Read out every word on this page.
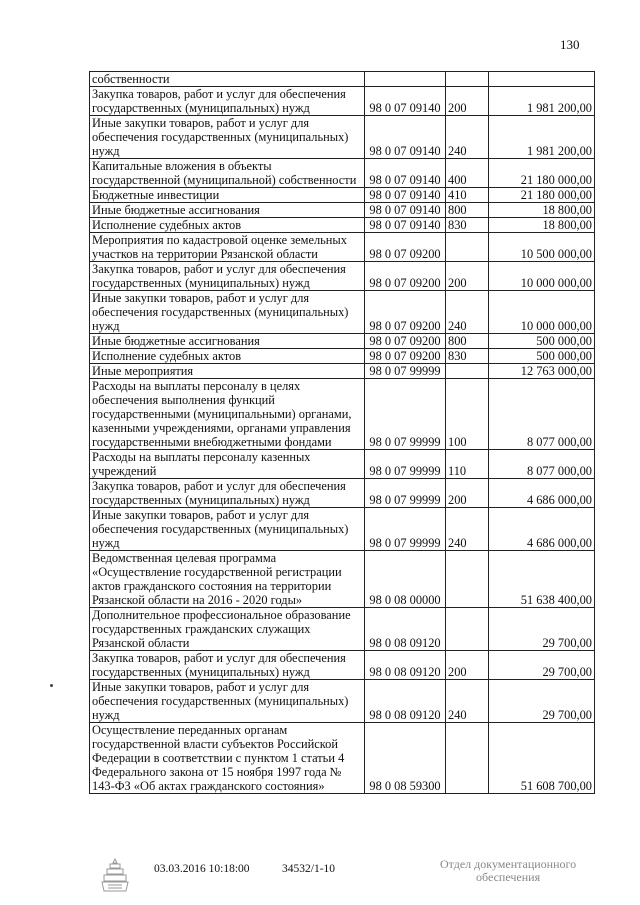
130
собственности			
Закупка товаров, работ и услуг для обеспечения государственных (муниципальных) нужд	98 0 07 09140	200	1 981 200,00
Иные закупки товаров, работ и услуг для обеспечения государственных (муниципальных) нужд	98 0 07 09140	240	1 981 200,00
Капитальные вложения в объекты государственной (муниципальной) собственности	98 0 07 09140	400	21 180 000,00
Бюджетные инвестиции	98 0 07 09140	410	21 180 000,00
Иные бюджетные ассигнования	98 0 07 09140	800	18 800,00
Исполнение судебных актов	98 0 07 09140	830	18 800,00
Мероприятия по кадастровой оценке земельных участков на территории Рязанской области	98 0 07 09200		10 500 000,00
Закупка товаров, работ и услуг для обеспечения государственных (муниципальных) нужд	98 0 07 09200	200	10 000 000,00
Иные закупки товаров, работ и услуг для обеспечения государственных (муниципальных) нужд	98 0 07 09200	240	10 000 000,00
Иные бюджетные ассигнования	98 0 07 09200	800	500 000,00
Исполнение судебных актов	98 0 07 09200	830	500 000,00
Иные мероприятия	98 0 07 99999		12 763 000,00
Расходы на выплаты персоналу в целях обеспечения выполнения функций государственными (муниципальными) органами, казенными учреждениями, органами управления государственными внебюджетными фондами	98 0 07 99999	100	8 077 000,00
Расходы на выплаты персоналу казенных учреждений	98 0 07 99999	110	8 077 000,00
Закупка товаров, работ и услуг для обеспечения государственных (муниципальных) нужд	98 0 07 99999	200	4 686 000,00
Иные закупки товаров, работ и услуг для обеспечения государственных (муниципальных) нужд	98 0 07 99999	240	4 686 000,00
Ведомственная целевая программа «Осуществление государственной регистрации актов гражданского состояния на территории Рязанской области на 2016 - 2020 годы»	98 0 08 00000		51 638 400,00
Дополнительное профессиональное образование государственных гражданских служащих Рязанской области	98 0 08 09120		29 700,00
Закупка товаров, работ и услуг для обеспечения государственных (муниципальных) нужд	98 0 08 09120	200	29 700,00
Иные закупки товаров, работ и услуг для обеспечения государственных (муниципальных) нужд	98 0 08 09120	240	29 700,00
Осуществление переданных органам государственной власти субъектов Российской Федерации в соответствии с пунктом 1 статьи 4 Федерального закона от 15 ноября 1997 года № 143-ФЗ «Об актах гражданского состояния»	98 0 08 59300		51 608 700,00
03.03.2016 10:18:00	34532/1-10	Отдел документационного
обеспечения
